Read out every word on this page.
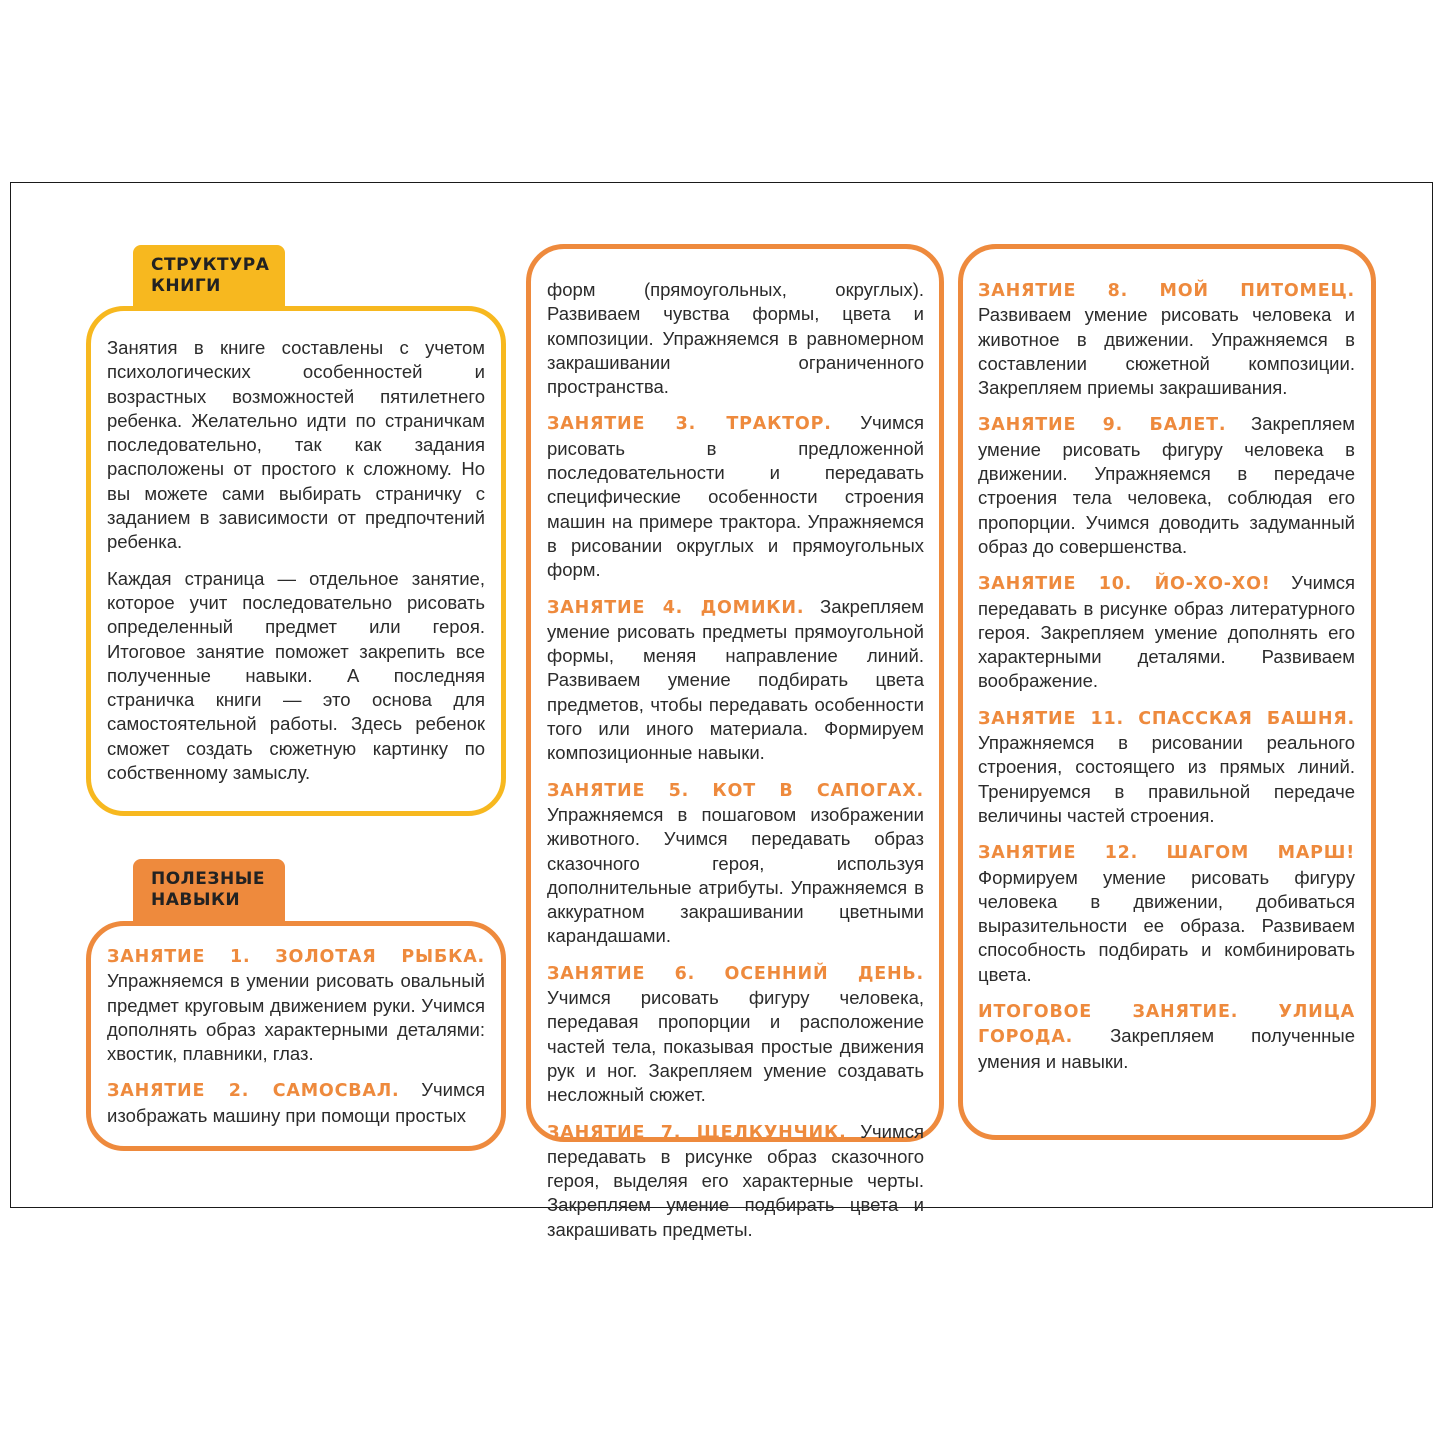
СТРУКТУРА
КНИГИ

Занятия в книге составлены с учетом психологических особенностей и возрастных возможностей пятилетнего ребенка. Желательно идти по страничкам последовательно, так как задания расположены от простого к сложному. Но вы можете сами выбирать страничку с заданием в зависимости от предпочтений ребенка.

Каждая страница — отдельное занятие, которое учит последовательно рисовать определенный предмет или героя. Итоговое занятие поможет закрепить все полученные навыки. А последняя страничка книги — это основа для самостоятельной работы. Здесь ребенок сможет создать сюжетную картинку по собственному замыслу.

ПОЛЕЗНЫЕ
НАВЫКИ

ЗАНЯТИЕ 1. ЗОЛОТАЯ РЫБКА. Упражняемся в умении рисовать овальный предмет круговым движением руки. Учимся дополнять образ характерными деталями: хвостик, плавники, глаз.

ЗАНЯТИЕ 2. САМОСВАЛ. Учимся изображать машину при помощи простых

форм (прямоугольных, округлых). Развиваем чувства формы, цвета и композиции. Упражняемся в равномерном закрашивании ограниченного пространства.

ЗАНЯТИЕ 3. ТРАКТОР. Учимся рисовать в предложенной последовательности и передавать специфические особенности строения машин на примере трактора. Упражняемся в рисовании округлых и прямоугольных форм.

ЗАНЯТИЕ 4. ДОМИКИ. Закрепляем умение рисовать предметы прямоугольной формы, меняя направление линий. Развиваем умение подбирать цвета предметов, чтобы передавать особенности того или иного материала. Формируем композиционные навыки.

ЗАНЯТИЕ 5. КОТ В САПОГАХ. Упражняемся в пошаговом изображении животного. Учимся передавать образ сказочного героя, используя дополнительные атрибуты. Упражняемся в аккуратном закрашивании цветными карандашами.

ЗАНЯТИЕ 6. ОСЕННИЙ ДЕНЬ. Учимся рисовать фигуру человека, передавая пропорции и расположение частей тела, показывая простые движения рук и ног. Закрепляем умение создавать несложный сюжет.

ЗАНЯТИЕ 7. ЩЕЛКУНЧИК. Учимся передавать в рисунке образ сказочного героя, выделяя его характерные черты. Закрепляем умение подбирать цвета и закрашивать предметы.

ЗАНЯТИЕ 8. МОЙ ПИТОМЕЦ. Развиваем умение рисовать человека и животное в движении. Упражняемся в составлении сюжетной композиции. Закрепляем приемы закрашивания.

ЗАНЯТИЕ 9. БАЛЕТ. Закрепляем умение рисовать фигуру человека в движении. Упражняемся в передаче строения тела человека, соблюдая его пропорции. Учимся доводить задуманный образ до совершенства.

ЗАНЯТИЕ 10. ЙО-ХО-ХО! Учимся передавать в рисунке образ литературного героя. Закрепляем умение дополнять его характерными деталями. Развиваем воображение.

ЗАНЯТИЕ 11. СПАССКАЯ БАШНЯ. Упражняемся в рисовании реального строения, состоящего из прямых линий. Тренируемся в правильной передаче величины частей строения.

ЗАНЯТИЕ 12. ШАГОМ МАРШ! Формируем умение рисовать фигуру человека в движении, добиваться выразительности ее образа. Развиваем способность подбирать и комбинировать цвета.

ИТОГОВОЕ ЗАНЯТИЕ. УЛИЦА ГОРОДА. Закрепляем полученные умения и навыки.
